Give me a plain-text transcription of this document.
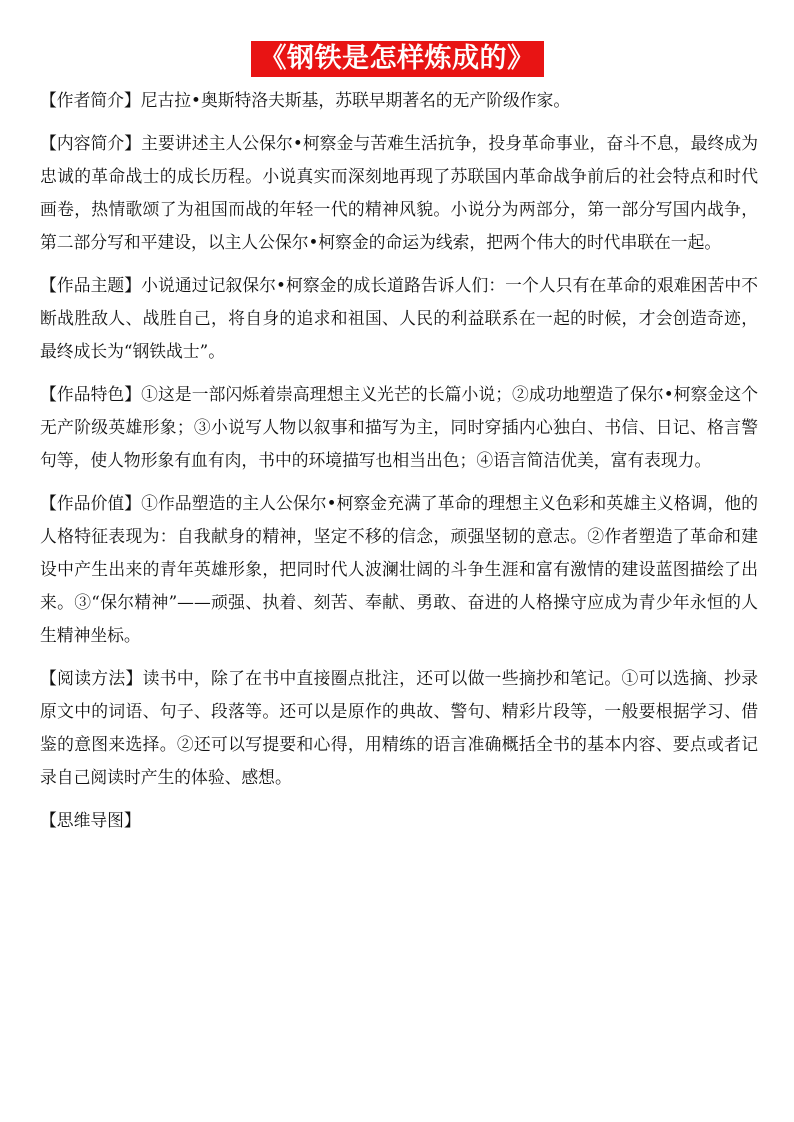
《钢铁是怎样炼成的》

【作者简介】尼古拉•奥斯特洛夫斯基，苏联早期著名的无产阶级作家。

【内容简介】主要讲述主人公保尔•柯察金与苦难生活抗争，投身革命事业，奋斗不息，最终成为忠诚的革命战士的成长历程。小说真实而深刻地再现了苏联国内革命战争前后的社会特点和时代画卷，热情歌颂了为祖国而战的年轻一代的精神风貌。小说分为两部分，第一部分写国内战争，第二部分写和平建设，以主人公保尔•柯察金的命运为线索，把两个伟大的时代串联在一起。

【作品主题】小说通过记叙保尔•柯察金的成长道路告诉人们：一个人只有在革命的艰难困苦中不断战胜敌人、战胜自己，将自身的追求和祖国、人民的利益联系在一起的时候，才会创造奇迹，最终成长为“钢铁战士”。

【作品特色】①这是一部闪烁着崇高理想主义光芒的长篇小说；②成功地塑造了保尔•柯察金这个无产阶级英雄形象；③小说写人物以叙事和描写为主，同时穿插内心独白、书信、日记、格言警句等，使人物形象有血有肉，书中的环境描写也相当出色；④语言简洁优美，富有表现力。

【作品价值】①作品塑造的主人公保尔•柯察金充满了革命的理想主义色彩和英雄主义格调，他的人格特征表现为：自我献身的精神，坚定不移的信念，顽强坚韧的意志。②作者塑造了革命和建设中产生出来的青年英雄形象，把同时代人波澜壮阔的斗争生涯和富有激情的建设蓝图描绘了出来。③“保尔精神”——顽强、执着、刻苦、奉献、勇敢、奋进的人格操守应成为青少年永恒的人生精神坐标。

【阅读方法】读书中，除了在书中直接圈点批注，还可以做一些摘抄和笔记。①可以选摘、抄录原文中的词语、句子、段落等。还可以是原作的典故、警句、精彩片段等，一般要根据学习、借鉴的意图来选择。②还可以写提要和心得，用精练的语言准确概括全书的基本内容、要点或者记录自己阅读时产生的体验、感想。

【思维导图】
